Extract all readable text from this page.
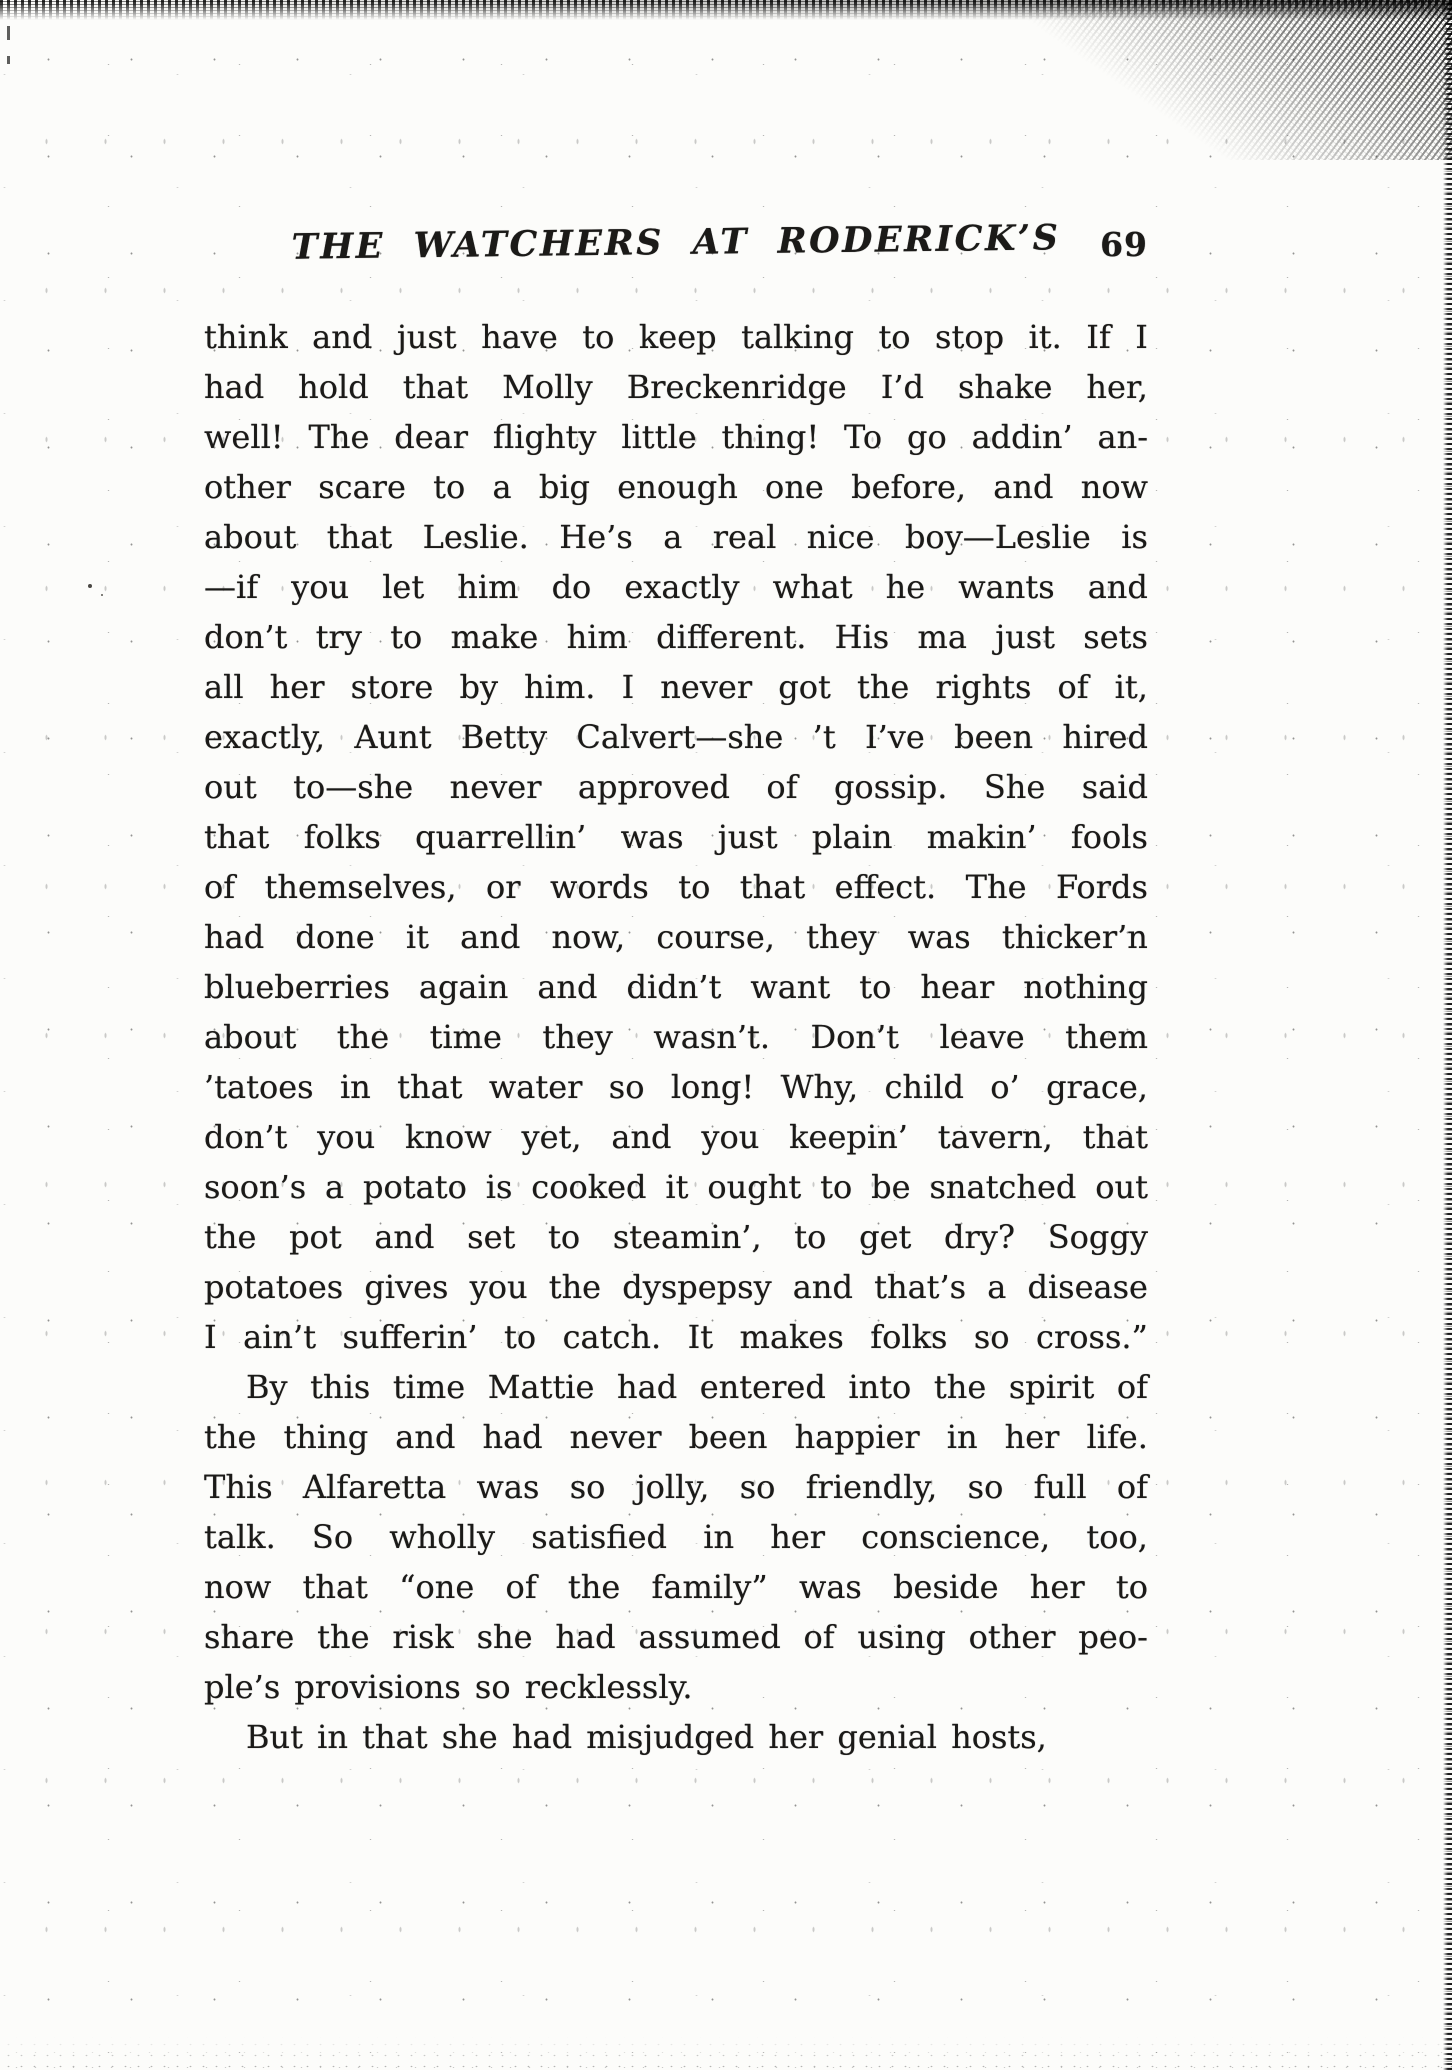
THE WATCHERS AT RODERICK’S 69
think and just have to keep talking to stop it. If I
had hold that Molly Breckenridge I’d shake her,
well! The dear flighty little thing! To go addin’ an-
other scare to a big enough one before, and now
about that Leslie. He’s a real nice boy—Leslie is
—if you let him do exactly what he wants and
don’t try to make him different. His ma just sets
all her store by him. I never got the rights of it,
exactly, Aunt Betty Calvert—she ’t I’ve been hired
out to—she never approved of gossip. She said
that folks quarrellin’ was just plain makin’ fools
of themselves, or words to that effect. The Fords
had done it and now, course, they was thicker’n
blueberries again and didn’t want to hear nothing
about the time they wasn’t. Don’t leave them
’tatoes in that water so long! Why, child o’ grace,
don’t you know yet, and you keepin’ tavern, that
soon’s a potato is cooked it ought to be snatched out
the pot and set to steamin’, to get dry? Soggy
potatoes gives you the dyspepsy and that’s a disease
I ain’t sufferin’ to catch. It makes folks so cross.”
By this time Mattie had entered into the spirit of
the thing and had never been happier in her life.
This Alfaretta was so jolly, so friendly, so full of
talk. So wholly satisfied in her conscience, too,
now that “one of the family” was beside her to
share the risk she had assumed of using other peo-
ple’s provisions so recklessly.
But in that she had misjudged her genial hosts,
